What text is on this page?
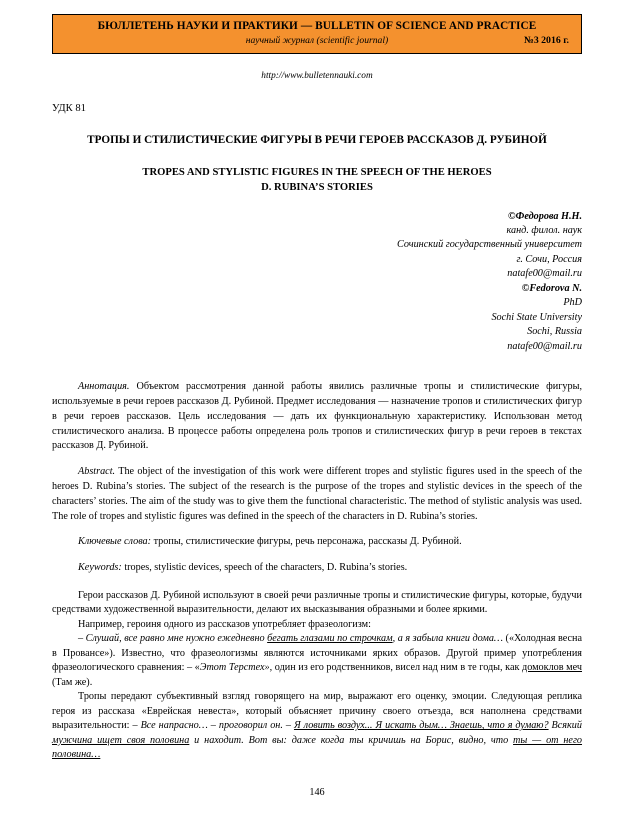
БЮЛЛЕТЕНЬ НАУКИ И ПРАКТИКИ — BULLETIN OF SCIENCE AND PRACTICE
научный журнал (scientific journal)	№3 2016 г.
http://www.bulletennauki.com
УДК 81
ТРОПЫ И СТИЛИСТИЧЕСКИЕ ФИГУРЫ В РЕЧИ ГЕРОЕВ РАССКАЗОВ Д. РУБИНОЙ
TROPES AND STYLISTIC FIGURES IN THE SPEECH OF THE HEROES
D. RUBINA’S STORIES
©Федорова Н.Н.
канд. филол. наук
Сочинский государственный университет
г. Сочи, Россия
natafe00@mail.ru
©Fedorova N.
PhD
Sochi State University
Sochi, Russia
natafe00@mail.ru

Аннотация. Объектом рассмотрения данной работы явились различные тропы и стилистические фигуры, используемые в речи героев рассказов Д. Рубиной. Предмет исследования — назначение тропов и стилистических фигур в речи героев рассказов. Цель исследования — дать их функциональную характеристику. Использован метод стилистического анализа. В процессе работы определена роль тропов и стилистических фигур в речи героев в текстах рассказов Д. Рубиной.

Abstract. The object of the investigation of this work were different tropes and stylistic figures used in the speech of the heroes D. Rubina’s stories. The subject of the research is the purpose of the tropes and stylistic devices in the speech of the characters’ stories. The aim of the study was to give them the functional characteristic. The method of stylistic analysis was used. The role of tropes and stylistic figures was defined in the speech of the characters in D. Rubina’s stories.

Ключевые слова: тропы, стилистические фигуры, речь персонажа, рассказы Д. Рубиной.

Keywords: tropes, stylistic devices, speech of the characters, D. Rubina’s stories.

Герои рассказов Д. Рубиной используют в своей речи различные тропы и стилистические фигуры, которые, будучи средствами художественной выразительности, делают их высказывания образными и более яркими.

Например, героиня одного из рассказов употребляет фразеологизм:

– Слушай, все равно мне нужно ежедневно бегать глазами по строчкам, а я забыла книги дома… («Холодная весна в Провансе»). Известно, что фразеологизмы являются источниками ярких образов. Другой пример употребления фразеологического сравнения: – «Этот Терстех», один из его родственников, висел над ним в те годы, как домоклов меч (Там же).

Тропы передают субъективный взгляд говорящего на мир, выражают его оценку, эмоции. Следующая реплика героя из рассказа «Еврейская невеста», который объясняет причину своего отъезда, вся наполнена средствами выразительности: – Все напрасно… – проговорил он. – Я ловить воздух... Я искать дым… Знаешь, что я думаю? Всякий мужчина ищет своя половина и находит. Вот вы: даже когда ты кричишь на Борис, видно, что ты — от него половина…

146
